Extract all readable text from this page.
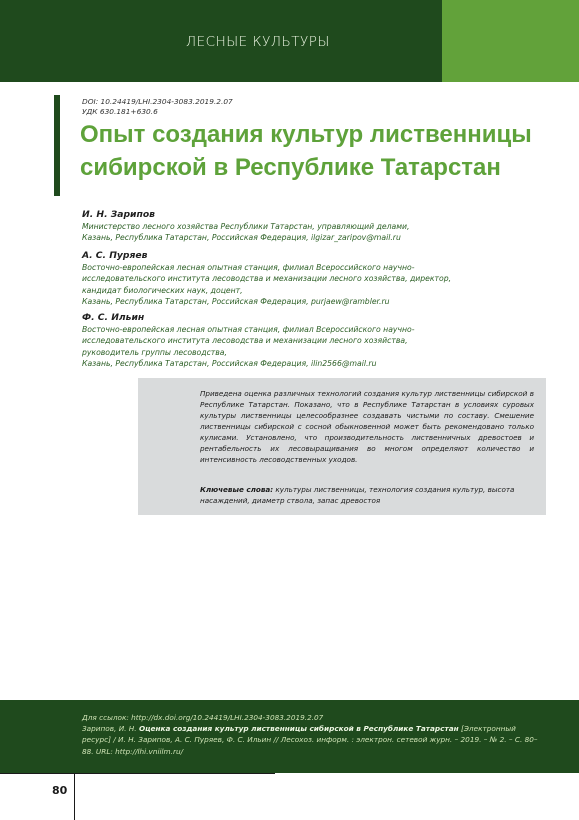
ЛЕСНЫЕ КУЛЬТУРЫ
DOI: 10.24419/LHI.2304-3083.2019.2.07
УДК 630.181+630.6
Опыт создания культур лиственницы
сибирской в Республике Татарстан
И. Н. Зарипов
Министерство лесного хозяйства Республики Татарстан, управляющий делами,
Казань, Республика Татарстан, Российская Федерация, ilgizar_zaripov@mail.ru
А. С. Пуряев
Восточно-европейская лесная опытная станция, филиал Всероссийского научно-
исследовательского института лесоводства и механизации лесного хозяйства, директор,
кандидат биологических наук, доцент,
Казань, Республика Татарстан, Российская Федерация, purjaew@rambler.ru
Ф. С. Ильин
Восточно-европейская лесная опытная станция, филиал Всероссийского научно-
исследовательского института лесоводства и механизации лесного хозяйства,
руководитель группы лесоводства,
Казань, Республика Татарстан, Российская Федерация, ilin2566@mail.ru
Приведена оценка различных технологий создания культур лиственницы сибирской в Республике Татарстан. Показано, что в Республике Татарстан в условиях суровых культуры лиственницы целесообразнее создавать чистыми по составу. Смешение лиственницы сибирской с сосной обыкновенной может быть рекомендовано только кулисами. Установлено, что производительность лиственничных древостоев и рентабельность их лесовыращивания во многом определяют количество и интенсивность лесоводственных уходов.
Ключевые слова: культуры лиственницы, технология создания культур, высота насаждений, диаметр ствола, запас древостоя
Для ссылок: http://dx.doi.org/10.24419/LHI.2304-3083.2019.2.07
Зарипов, И. Н. Оценка создания культур лиственницы сибирской в Республике Татарстан [Электронный ресурс] / И. Н. Зарипов, А. С. Пуряев, Ф. С. Ильин // Лесохоз. информ. : электрон. сетевой журн. – 2019. – № 2. – С. 80–88. URL: http://lhi.vniilm.ru/
80
